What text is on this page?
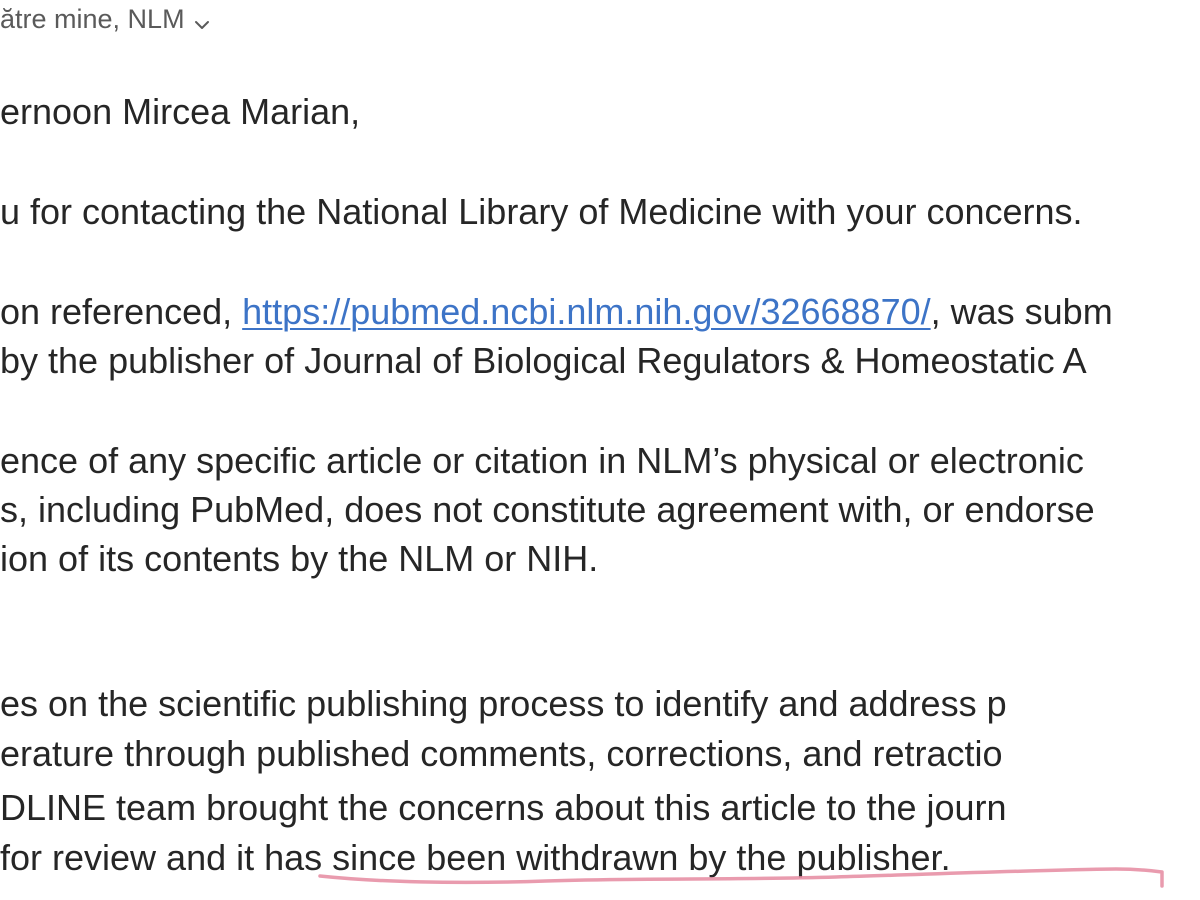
ătre mine, NLM
ernoon Mircea Marian,
u for contacting the National Library of Medicine with your concerns.
on referenced, https://pubmed.ncbi.nlm.nih.gov/32668870/, was subm
by the publisher of Journal of Biological Regulators & Homeostatic A
ence of any specific article or citation in NLM’s physical or electronic
s, including PubMed, does not constitute agreement with, or endorse
ion of its contents by the NLM or NIH.
es on the scientific publishing process to identify and address p
erature through published comments, corrections, and retractio
DLINE team brought the concerns about this article to the journ
for review and it has since been withdrawn by the publisher.
